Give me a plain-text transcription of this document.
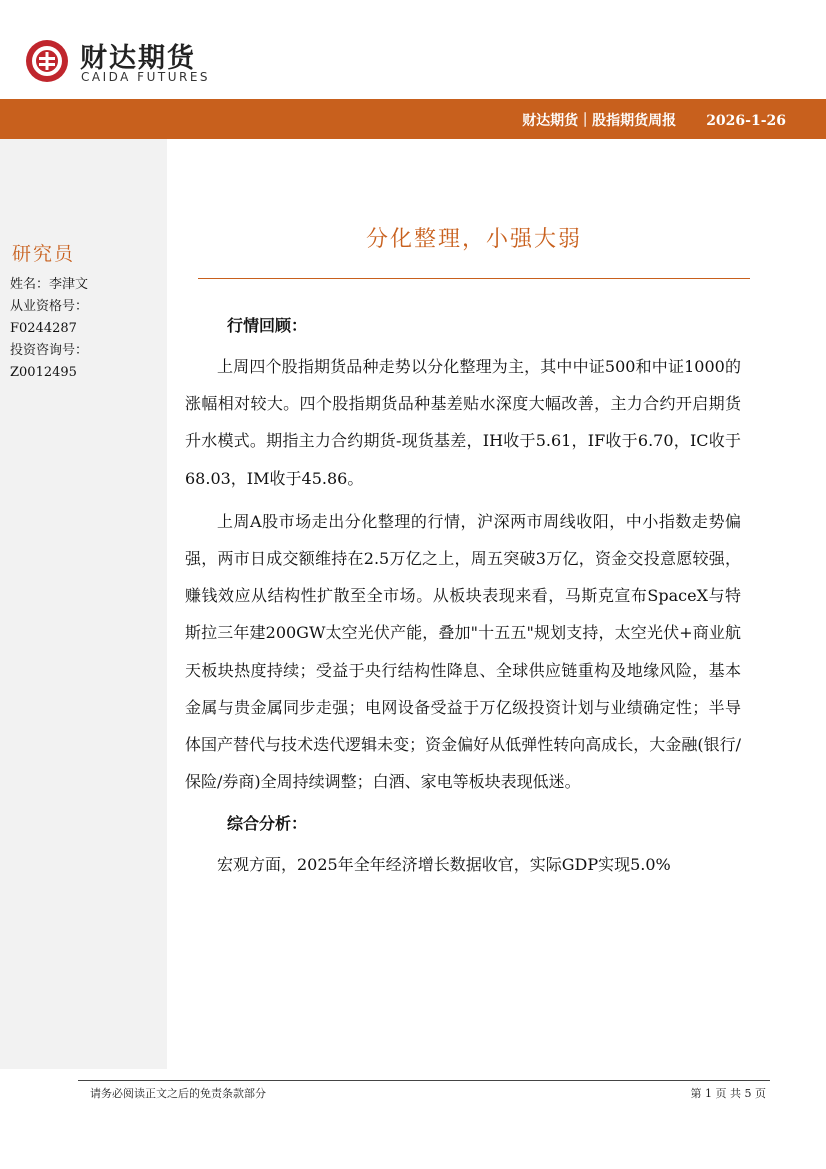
财达期货
CAIDA FUTURES
财达期货｜股指期货周报 2026-1-26
研究员
姓名：李津文
从业资格号：
F0244287
投资咨询号：
Z0012495
分化整理，小强大弱
行情回顾：

上周四个股指期货品种走势以分化整理为主，其中中证500和中证1000的涨幅相对较大。四个股指期货品种基差贴水深度大幅改善，主力合约开启期货升水模式。期指主力合约期货-现货基差，IH收于5.61，IF收于6.70，IC收于68.03，IM收于45.86。

上周A股市场走出分化整理的行情，沪深两市周线收阳，中小指数走势偏强，两市日成交额维持在2.5万亿之上，周五突破3万亿，资金交投意愿较强，赚钱效应从结构性扩散至全市场。从板块表现来看，马斯克宣布SpaceX与特斯拉三年建200GW太空光伏产能，叠加"十五五"规划支持，太空光伏+商业航天板块热度持续；受益于央行结构性降息、全球供应链重构及地缘风险，基本金属与贵金属同步走强；电网设备受益于万亿级投资计划与业绩确定性；半导体国产替代与技术迭代逻辑未变；资金偏好从低弹性转向高成长，大金融(银行/保险/券商)全周持续调整；白酒、家电等板块表现低迷。

综合分析：

宏观方面，2025年全年经济增长数据收官，实际GDP实现5.0%

请务必阅读正文之后的免责条款部分	第 1 页 共 5 页
